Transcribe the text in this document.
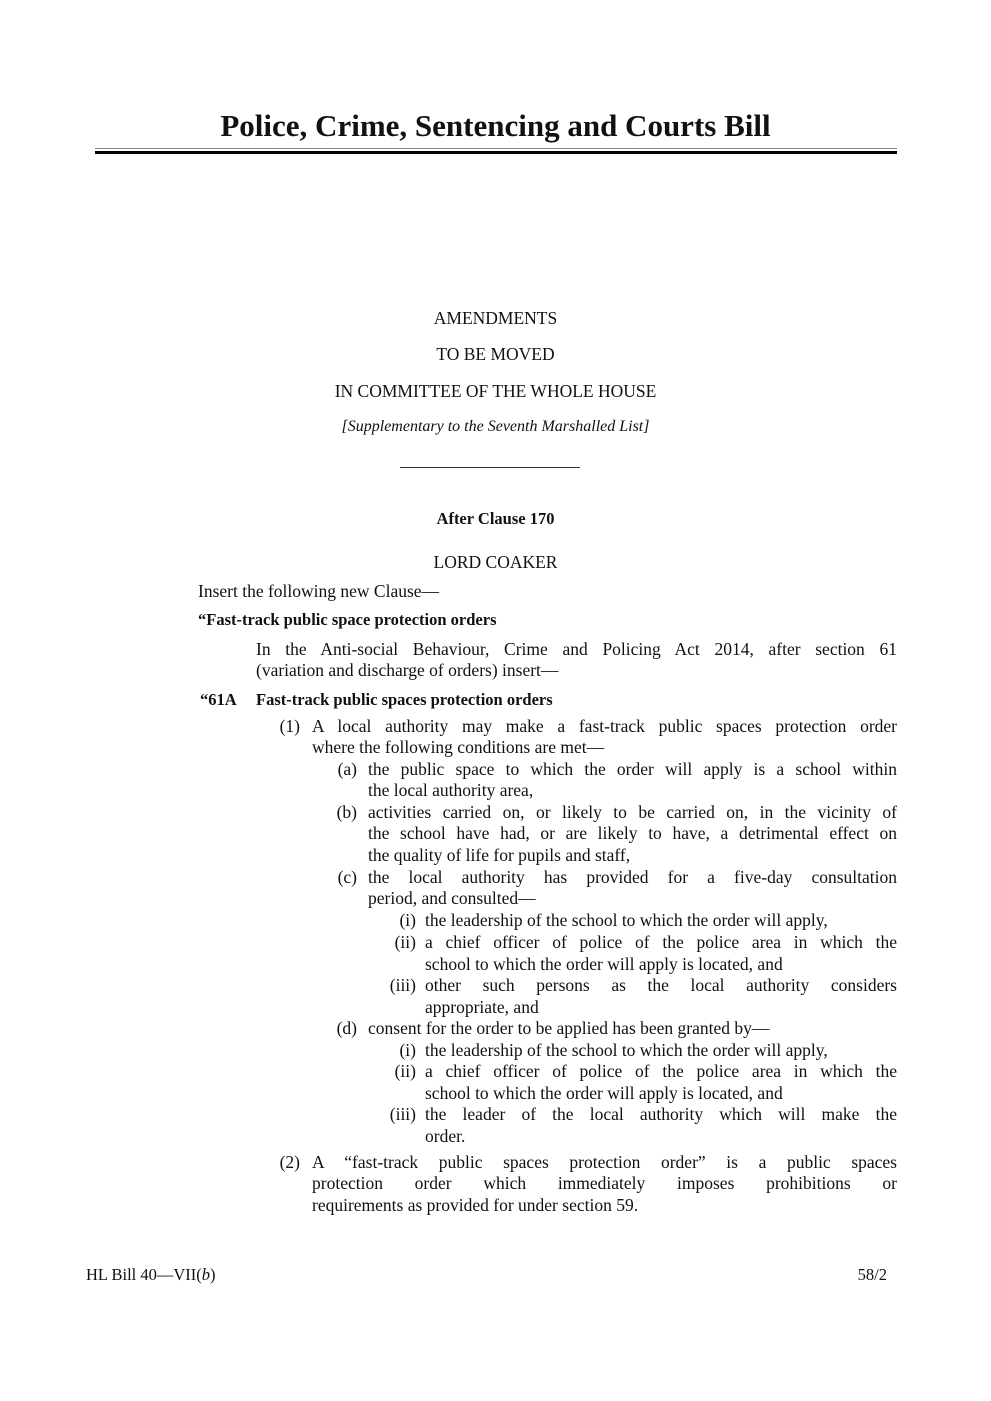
Police, Crime, Sentencing and Courts Bill
AMENDMENTS
TO BE MOVED
IN COMMITTEE OF THE WHOLE HOUSE
[Supplementary to the Seventh Marshalled List]
After Clause 170
LORD COAKER
Insert the following new Clause—
“Fast-track public space protection orders
In the Anti-social Behaviour, Crime and Policing Act 2014, after section 61
(variation and discharge of orders) insert—
“61A Fast-track public spaces protection orders
(1) A local authority may make a fast-track public spaces protection order
where the following conditions are met—
(a) the public space to which the order will apply is a school within
the local authority area,
(b) activities carried on, or likely to be carried on, in the vicinity of
the school have had, or are likely to have, a detrimental effect on
the quality of life for pupils and staff,
(c) the local authority has provided for a five-day consultation
period, and consulted—
(i) the leadership of the school to which the order will apply,
(ii) a chief officer of police of the police area in which the
school to which the order will apply is located, and
(iii) other such persons as the local authority considers
appropriate, and
(d) consent for the order to be applied has been granted by—
(i) the leadership of the school to which the order will apply,
(ii) a chief officer of police of the police area in which the
school to which the order will apply is located, and
(iii) the leader of the local authority which will make the
order.
(2) A “fast-track public spaces protection order” is a public spaces
protection order which immediately imposes prohibitions or
requirements as provided for under section 59.
HL Bill 40—VII(b)	58/2
